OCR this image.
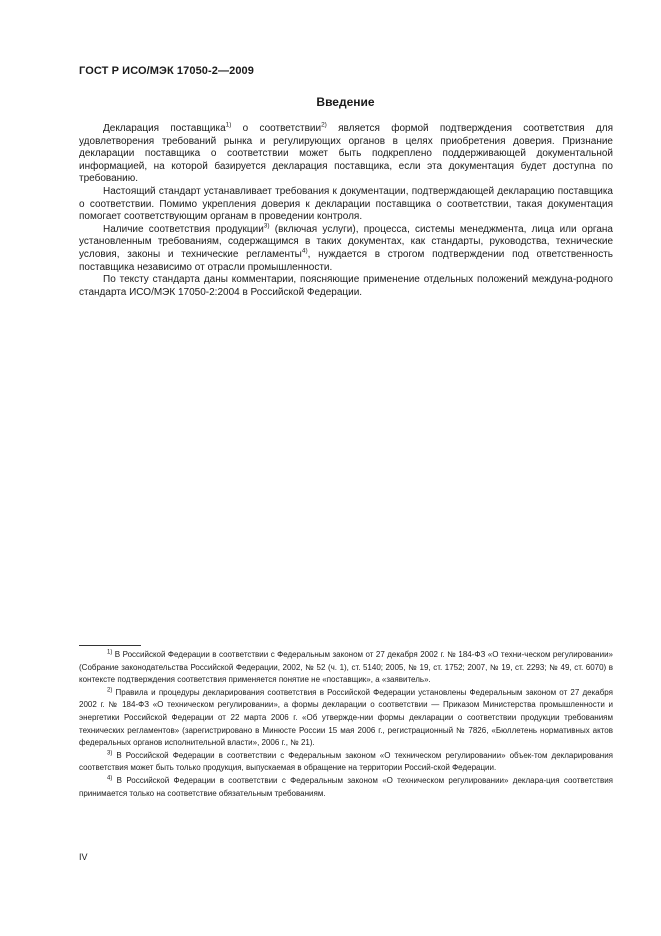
ГОСТ Р ИСО/МЭК 17050-2—2009
Введение

Декларация поставщика$^{1)}$ о соответствии$^{2)}$ является формой подтверждения соответствия для удовлетворения требований рынка и регулирующих органов в целях приобретения доверия. Признание декларации поставщика о соответствии может быть подкреплено поддерживающей документальной информацией, на которой базируется декларация поставщика, если эта документация будет доступна по требованию.

Настоящий стандарт устанавливает требования к документации, подтверждающей декларацию поставщика о соответствии. Помимо укрепления доверия к декларации поставщика о соответствии, такая документация помогает соответствующим органам в проведении контроля.

Наличие соответствия продукции$^{3)}$ (включая услуги), процесса, системы менеджмента, лица или органа установленным требованиям, содержащимся в таких документах, как стандарты, руководства, технические условия, законы и технические регламенты$^{4)}$, нуждается в строгом подтверждении под ответственность поставщика независимо от отрасли промышленности.

По тексту стандарта даны комментарии, поясняющие применение отдельных положений междуна-родного стандарта ИСО/МЭК 17050-2:2004 в Российской Федерации.

$^{1)}$ В Российской Федерации в соответствии с Федеральным законом от 27 декабря 2002 г. № 184-ФЗ «О техни-ческом регулировании» (Собрание законодательства Российской Федерации, 2002, № 52 (ч. 1), ст. 5140; 2005, № 19, ст. 1752; 2007, № 19, ст. 2293; № 49, ст. 6070) в контексте подтверждения соответствия применяется понятие не «поставщик», а «заявитель».

$^{2)}$ Правила и процедуры декларирования соответствия в Российской Федерации установлены Федеральным законом от 27 декабря 2002 г. № 184-ФЗ «О техническом регулировании», а формы декларации о соответствии — Приказом Министерства промышленности и энергетики Российской Федерации от 22 марта 2006 г. «Об утвержде-нии формы декларации о соответствии продукции требованиям технических регламентов» (зарегистрировано в Минюсте России 15 мая 2006 г., регистрационный № 7826, «Бюллетень нормативных актов федеральных органов исполнительной власти», 2006 г., № 21).

$^{3)}$ В Российской Федерации в соответствии с Федеральным законом «О техническом регулировании» объек-том декларирования соответствия может быть только продукция, выпускаемая в обращение на территории Россий-ской Федерации.

$^{4)}$ В Российской Федерации в соответствии с Федеральным законом «О техническом регулировании» деклара-ция соответствия принимается только на соответствие обязательным требованиям.

IV
